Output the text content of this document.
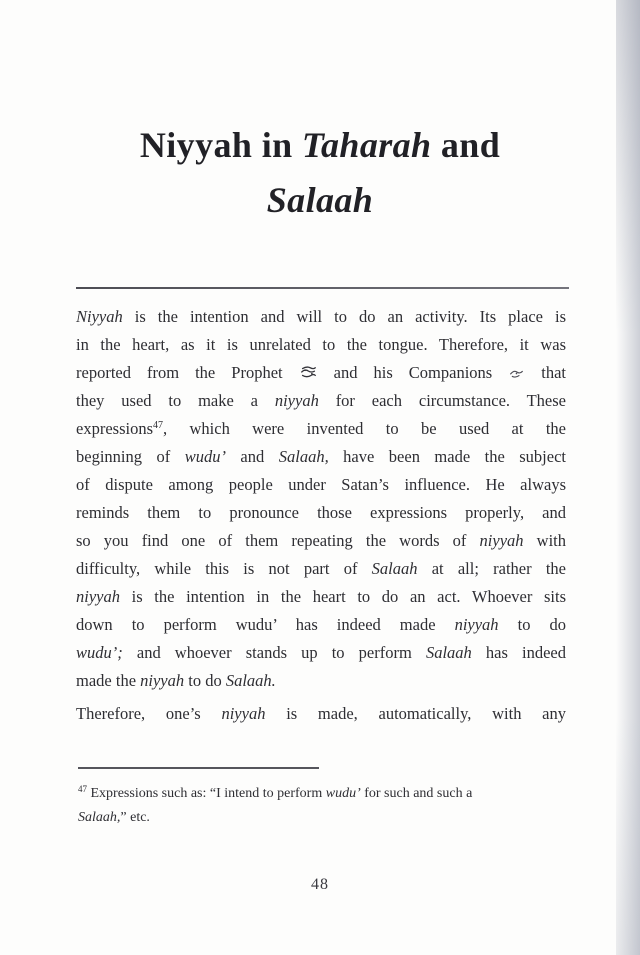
Niyyah in Taharah and
Salaah
Niyyah is the intention and will to do an activity. Its place is
in the heart, as it is unrelated to the tongue. Therefore, it was
reported from the Prophet  and his Companions  that
they used to make a niyyah for each circumstance. These
expressions$^{47}$, which were invented to be used at the
beginning of wudu’ and Salaah, have been made the subject
of dispute among people under Satan’s influence. He always
reminds them to pronounce those expressions properly, and
so you find one of them repeating the words of niyyah with
difficulty, while this is not part of Salaah at all; rather the
niyyah is the intention in the heart to do an act. Whoever sits
down to perform wudu’ has indeed made niyyah to do
wudu’; and whoever stands up to perform Salaah has indeed
made the niyyah to do Salaah.
Therefore, one’s niyyah is made, automatically, with any
$^{47}$ Expressions such as: “I intend to perform wudu’ for such and such a
Salaah,” etc.
48
